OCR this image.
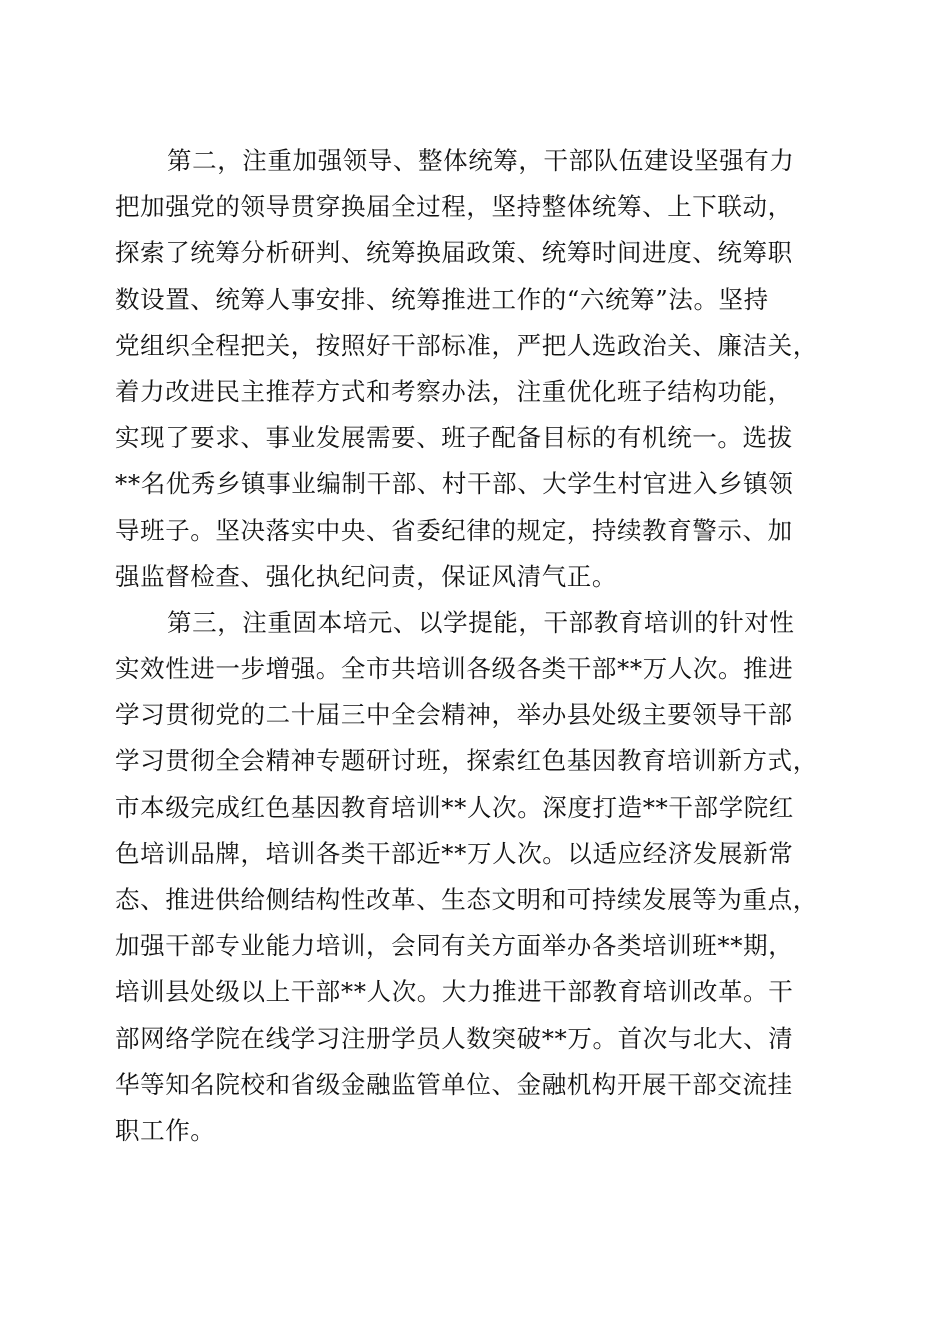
第二，注重加强领导、整体统筹，干部队伍建设坚强有力
把加强党的领导贯穿换届全过程，坚持整体统筹、上下联动，
探索了统筹分析研判、统筹换届政策、统筹时间进度、统筹职
数设置、统筹人事安排、统筹推进工作的“六统筹”法。坚持
党组织全程把关，按照好干部标准，严把人选政治关、廉洁关，
着力改进民主推荐方式和考察办法，注重优化班子结构功能，
实现了要求、事业发展需要、班子配备目标的有机统一。选拔
**名优秀乡镇事业编制干部、村干部、大学生村官进入乡镇领
导班子。坚决落实中央、省委纪律的规定，持续教育警示、加
强监督检查、强化执纪问责，保证风清气正。
第三，注重固本培元、以学提能，干部教育培训的针对性
实效性进一步增强。全市共培训各级各类干部**万人次。推进
学习贯彻党的二十届三中全会精神，举办县处级主要领导干部
学习贯彻全会精神专题研讨班，探索红色基因教育培训新方式，
市本级完成红色基因教育培训**人次。深度打造**干部学院红
色培训品牌，培训各类干部近**万人次。以适应经济发展新常
态、推进供给侧结构性改革、生态文明和可持续发展等为重点，
加强干部专业能力培训，会同有关方面举办各类培训班**期，
培训县处级以上干部**人次。大力推进干部教育培训改革。干
部网络学院在线学习注册学员人数突破**万。首次与北大、清
华等知名院校和省级金融监管单位、金融机构开展干部交流挂
职工作。
